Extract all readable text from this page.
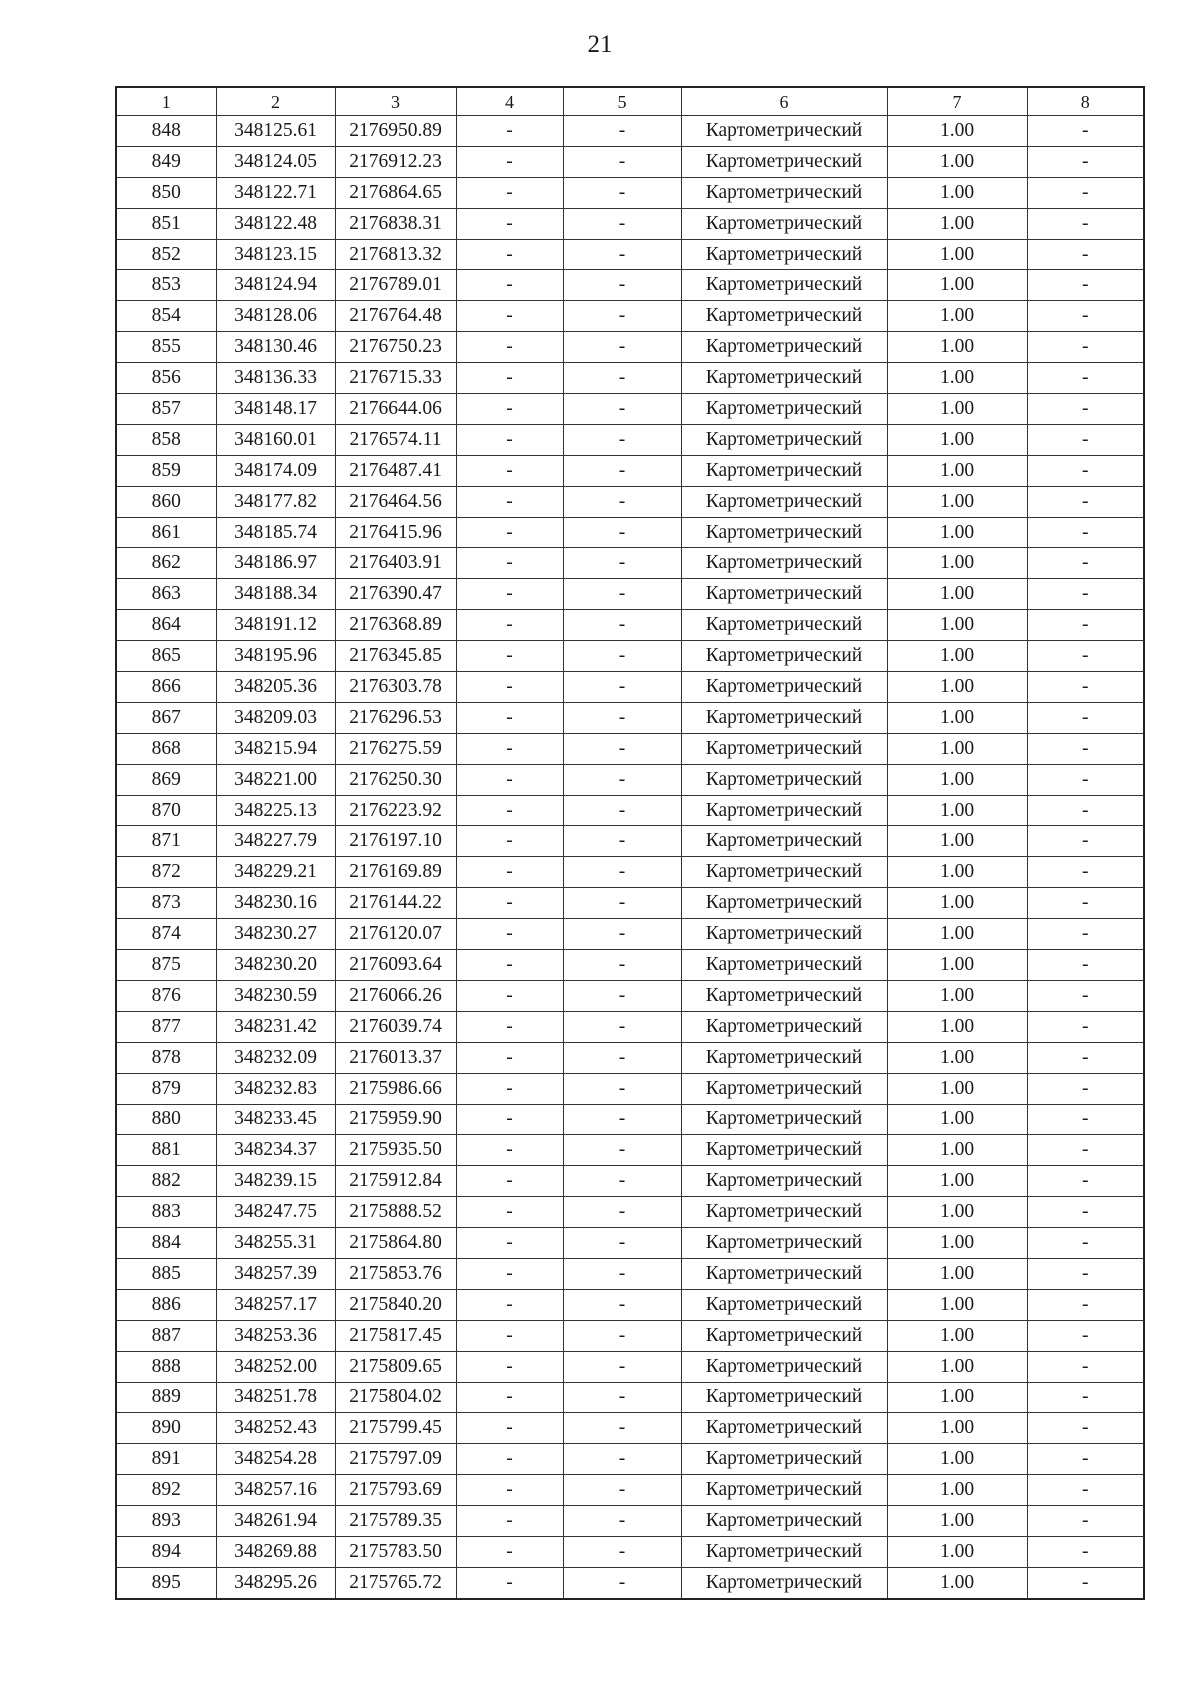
21
1	2	3	4	5	6	7	8
848	348125.61	2176950.89	-	-	Картометрический	1.00	-
849	348124.05	2176912.23	-	-	Картометрический	1.00	-
850	348122.71	2176864.65	-	-	Картометрический	1.00	-
851	348122.48	2176838.31	-	-	Картометрический	1.00	-
852	348123.15	2176813.32	-	-	Картометрический	1.00	-
853	348124.94	2176789.01	-	-	Картометрический	1.00	-
854	348128.06	2176764.48	-	-	Картометрический	1.00	-
855	348130.46	2176750.23	-	-	Картометрический	1.00	-
856	348136.33	2176715.33	-	-	Картометрический	1.00	-
857	348148.17	2176644.06	-	-	Картометрический	1.00	-
858	348160.01	2176574.11	-	-	Картометрический	1.00	-
859	348174.09	2176487.41	-	-	Картометрический	1.00	-
860	348177.82	2176464.56	-	-	Картометрический	1.00	-
861	348185.74	2176415.96	-	-	Картометрический	1.00	-
862	348186.97	2176403.91	-	-	Картометрический	1.00	-
863	348188.34	2176390.47	-	-	Картометрический	1.00	-
864	348191.12	2176368.89	-	-	Картометрический	1.00	-
865	348195.96	2176345.85	-	-	Картометрический	1.00	-
866	348205.36	2176303.78	-	-	Картометрический	1.00	-
867	348209.03	2176296.53	-	-	Картометрический	1.00	-
868	348215.94	2176275.59	-	-	Картометрический	1.00	-
869	348221.00	2176250.30	-	-	Картометрический	1.00	-
870	348225.13	2176223.92	-	-	Картометрический	1.00	-
871	348227.79	2176197.10	-	-	Картометрический	1.00	-
872	348229.21	2176169.89	-	-	Картометрический	1.00	-
873	348230.16	2176144.22	-	-	Картометрический	1.00	-
874	348230.27	2176120.07	-	-	Картометрический	1.00	-
875	348230.20	2176093.64	-	-	Картометрический	1.00	-
876	348230.59	2176066.26	-	-	Картометрический	1.00	-
877	348231.42	2176039.74	-	-	Картометрический	1.00	-
878	348232.09	2176013.37	-	-	Картометрический	1.00	-
879	348232.83	2175986.66	-	-	Картометрический	1.00	-
880	348233.45	2175959.90	-	-	Картометрический	1.00	-
881	348234.37	2175935.50	-	-	Картометрический	1.00	-
882	348239.15	2175912.84	-	-	Картометрический	1.00	-
883	348247.75	2175888.52	-	-	Картометрический	1.00	-
884	348255.31	2175864.80	-	-	Картометрический	1.00	-
885	348257.39	2175853.76	-	-	Картометрический	1.00	-
886	348257.17	2175840.20	-	-	Картометрический	1.00	-
887	348253.36	2175817.45	-	-	Картометрический	1.00	-
888	348252.00	2175809.65	-	-	Картометрический	1.00	-
889	348251.78	2175804.02	-	-	Картометрический	1.00	-
890	348252.43	2175799.45	-	-	Картометрический	1.00	-
891	348254.28	2175797.09	-	-	Картометрический	1.00	-
892	348257.16	2175793.69	-	-	Картометрический	1.00	-
893	348261.94	2175789.35	-	-	Картометрический	1.00	-
894	348269.88	2175783.50	-	-	Картометрический	1.00	-
895	348295.26	2175765.72	-	-	Картометрический	1.00	-
